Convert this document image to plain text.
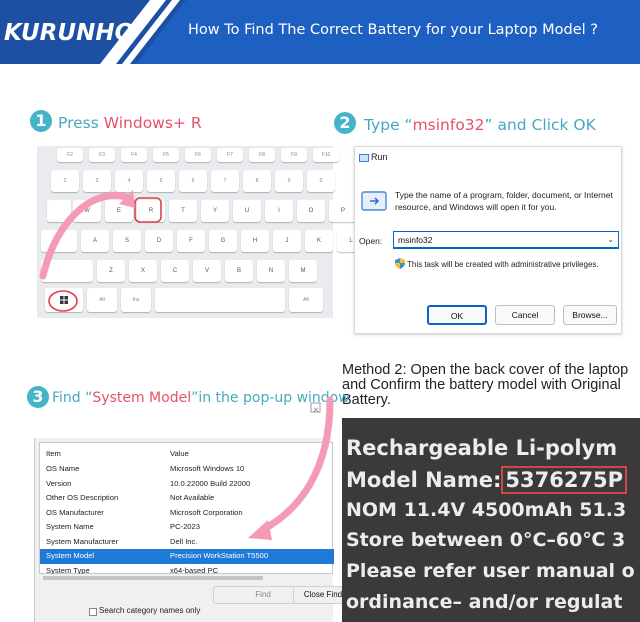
KURUNHO	How To Find The Correct Battery for your Laptop Model ?
1 Press Windows+ R	2 Type “msinfo32” and Click OK
F2	F3	F4	F5	F6	F7	F8	F9	F10
2	3	4	5	6	7	8	9	0
W	E	R	T	Y	U	I	O	P
A	S	D	F	G	H	J	K	L
Z	X	C	V	B	N	M
Alt	Ins	Alt
Run
Type the name of a program, folder, document, or Internet resource, and Windows will open it for you.
Open:	msinfo32	⌄
This task will be created with administrative privileges.
OK	Cancel	Browse...
Method 2: Open the back cover of the laptop and Confirm the battery model with Original Battery.
3 Find “System Model”in the pop-up window
Item	Value
OS Name	Microsoft Windows 10
Version	10.0.22000 Build 22000
Other OS Description	Not Available
OS Manufacturer	Microsoft Corporation
System Name	PC-2023
System Manufacturer	Dell Inc.
System Model	Precision WorkStation T5500
System Type	x64-based PC
Find	Close Find
Search category names only
×
Rechargeable Li-polym
Model Name: 5376275P
NOM 11.4V 4500mAh 51.3
Store between 0°C–60℃ 3
Please refer user manual o
ordinance– and/or regulat
